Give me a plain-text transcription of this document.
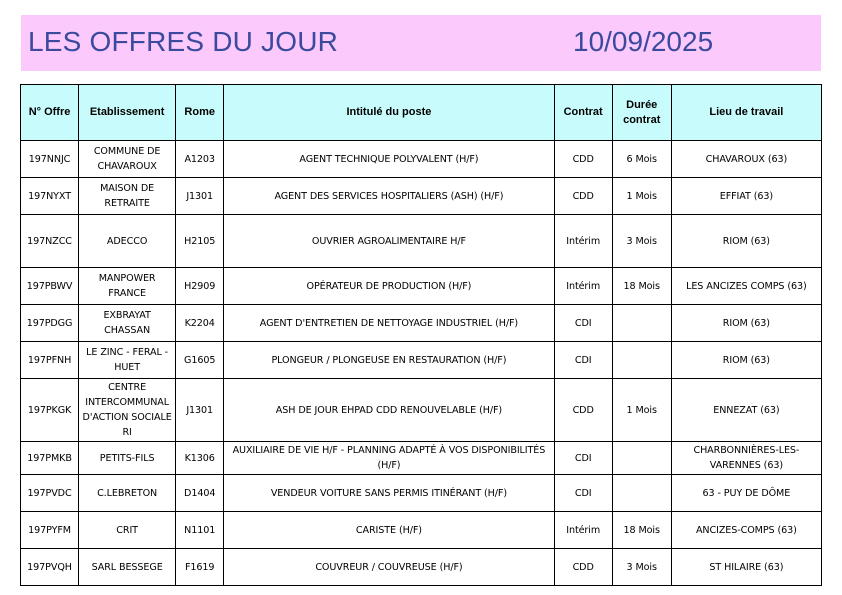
LES OFFRES DU JOUR	10/09/2025
N° Offre	Etablissement	Rome	Intitulé du poste	Contrat	Durée contrat	Lieu de travail
197NNJC	COMMUNE DE CHAVAROUX	A1203	AGENT TECHNIQUE POLYVALENT (H/F)	CDD	6 Mois	CHAVAROUX (63)
197NYXT	MAISON DE RETRAITE	J1301	AGENT DES SERVICES HOSPITALIERS (ASH) (H/F)	CDD	1 Mois	EFFIAT (63)
197NZCC	ADECCO	H2105	OUVRIER AGROALIMENTAIRE H/F	Intérim	3 Mois	RIOM (63)
197PBWV	MANPOWER FRANCE	H2909	OPÉRATEUR DE PRODUCTION (H/F)	Intérim	18 Mois	LES ANCIZES COMPS (63)
197PDGG	EXBRAYAT CHASSAN	K2204	AGENT D'ENTRETIEN DE NETTOYAGE INDUSTRIEL (H/F)	CDI		RIOM (63)
197PFNH	LE ZINC - FERAL - HUET	G1605	PLONGEUR / PLONGEUSE EN RESTAURATION (H/F)	CDI		RIOM (63)
197PKGK	CENTRE INTERCOMMUNAL D'ACTION SOCIALE RI	J1301	ASH DE JOUR EHPAD CDD RENOUVELABLE (H/F)	CDD	1 Mois	ENNEZAT (63)
197PMKB	PETITS-FILS	K1306	AUXILIAIRE DE VIE H/F - PLANNING ADAPTÉ À VOS DISPONIBILITÉS (H/F)	CDI		CHARBONNIÈRES-LES-VARENNES (63)
197PVDC	C.LEBRETON	D1404	VENDEUR VOITURE SANS PERMIS ITINÉRANT (H/F)	CDI		63 - PUY DE DÔME
197PYFM	CRIT	N1101	CARISTE (H/F)	Intérim	18 Mois	ANCIZES-COMPS (63)
197PVQH	SARL BESSEGE	F1619	COUVREUR / COUVREUSE (H/F)	CDD	3 Mois	ST HILAIRE (63)
